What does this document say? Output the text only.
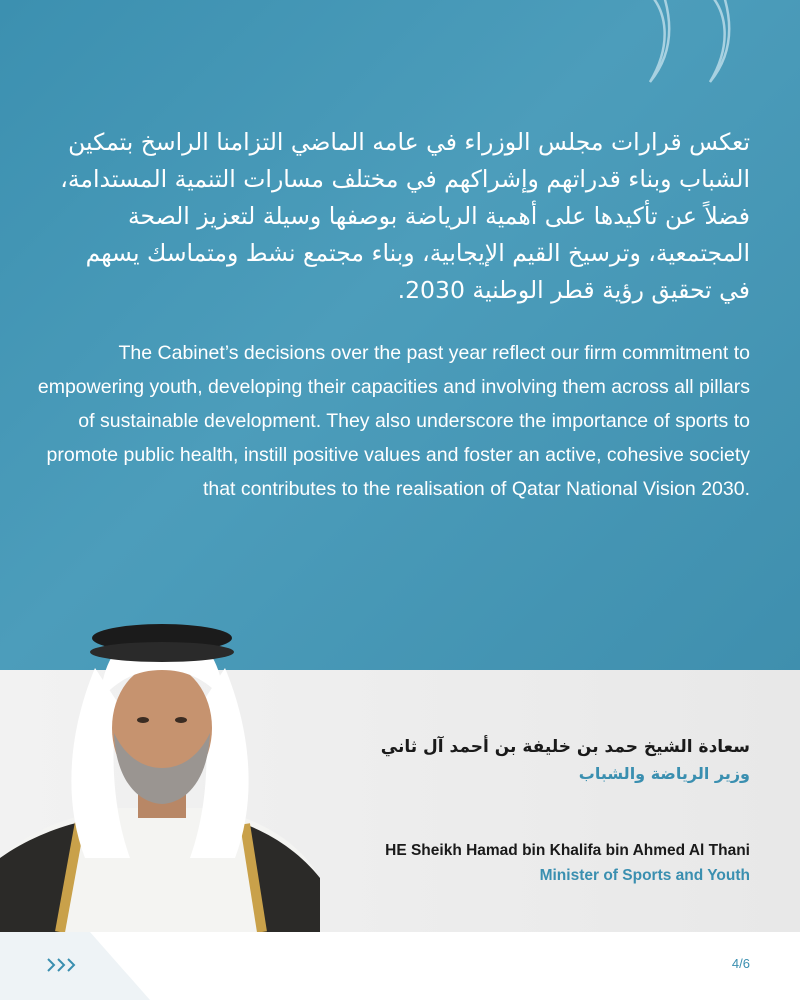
تعكس قرارات مجلس الوزراء في عامه الماضي التزامنا الراسخ بتمكين الشباب وبناء قدراتهم وإشراكهم في مختلف مسارات التنمية المستدامة، فضلاً عن تأكيدها على أهمية الرياضة بوصفها وسيلة لتعزيز الصحة المجتمعية، وترسيخ القيم الإيجابية، وبناء مجتمع نشط ومتماسك يسهم في تحقيق رؤية قطر الوطنية 2030.

The Cabinet’s decisions over the past year reflect our firm commitment to empowering youth, developing their capacities and involving them across all pillars of sustainable development. They also underscore the importance of sports to promote public health, instill positive values and foster an active, cohesive society that contributes to the realisation of Qatar National Vision 2030.

سعادة الشيخ حمد بن خليفة بن أحمد آل ثاني

وزير الرياضة والشباب

HE Sheikh Hamad bin Khalifa bin Ahmed Al Thani

Minister of Sports and Youth

4/6
